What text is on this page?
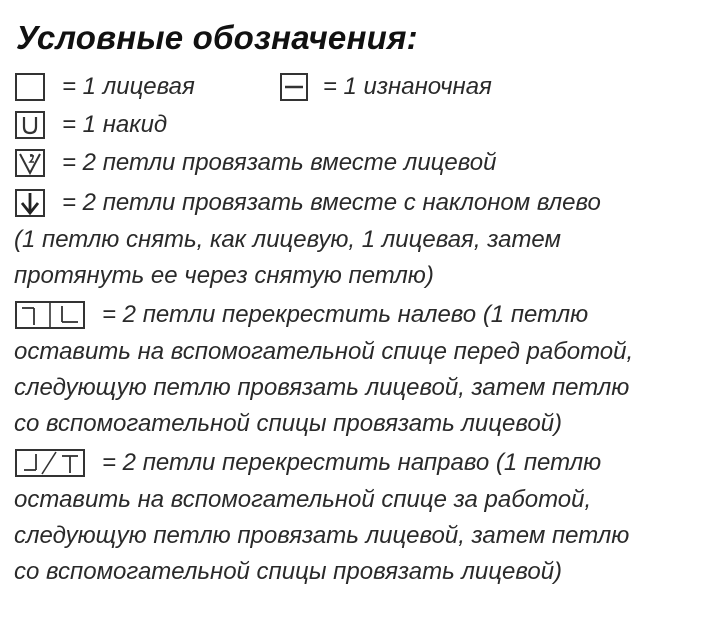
Условные обозначения:
= 1 лицевая	= 1 изнаночная
= 1 накид
= 2 петли провязать вместе лицевой
= 2 петли провязать вместе с наклоном влево
(1 петлю снять, как лицевую, 1 лицевая, затем
протянуть ее через снятую петлю)
= 2 петли перекрестить налево (1 петлю
оставить на вспомогательной спице перед работой,
следующую петлю провязать лицевой, затем петлю
со вспомогательной спицы провязать лицевой)
= 2 петли перекрестить направо (1 петлю
оставить на вспомогательной спице за работой,
следующую петлю провязать лицевой, затем петлю
со вспомогательной спицы провязать лицевой)
